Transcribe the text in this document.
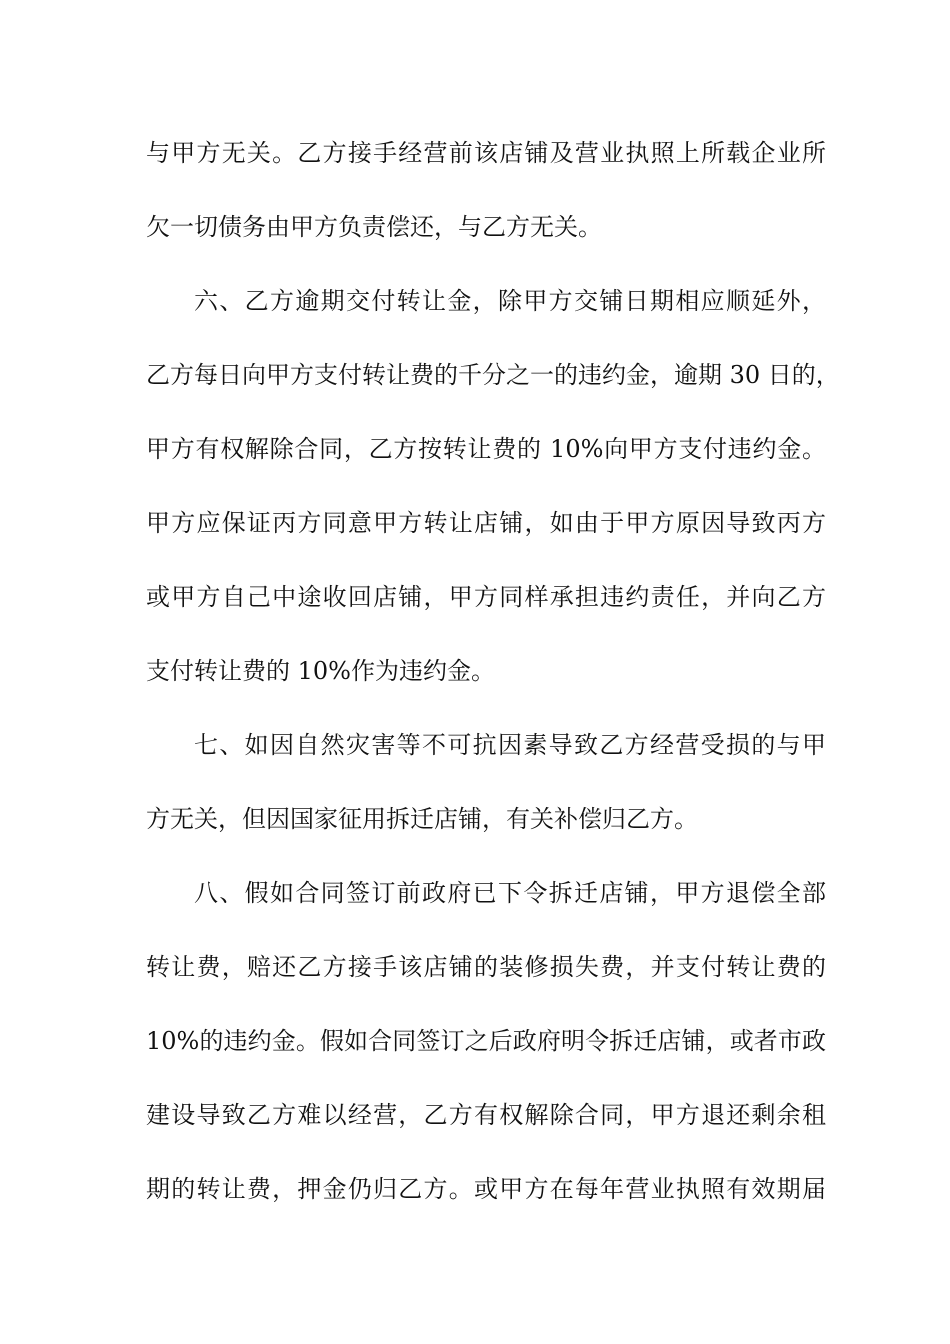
与甲方无关。乙方接手经营前该店铺及营业执照上所载企业所
欠一切债务由甲方负责偿还，与乙方无关。
六、乙方逾期交付转让金，除甲方交铺日期相应顺延外，
乙方每日向甲方支付转让费的千分之一的违约金，逾期 30 日的，
甲方有权解除合同，乙方按转让费的 10%向甲方支付违约金。
甲方应保证丙方同意甲方转让店铺，如由于甲方原因导致丙方
或甲方自己中途收回店铺，甲方同样承担违约责任，并向乙方
支付转让费的 10%作为违约金。
七、如因自然灾害等不可抗因素导致乙方经营受损的与甲
方无关，但因国家征用拆迁店铺，有关补偿归乙方。
八、假如合同签订前政府已下令拆迁店铺，甲方退偿全部
转让费，赔还乙方接手该店铺的装修损失费，并支付转让费的
10%的违约金。假如合同签订之后政府明令拆迁店铺，或者市政
建设导致乙方难以经营，乙方有权解除合同，甲方退还剩余租
期的转让费，押金仍归乙方。或甲方在每年营业执照有效期届
